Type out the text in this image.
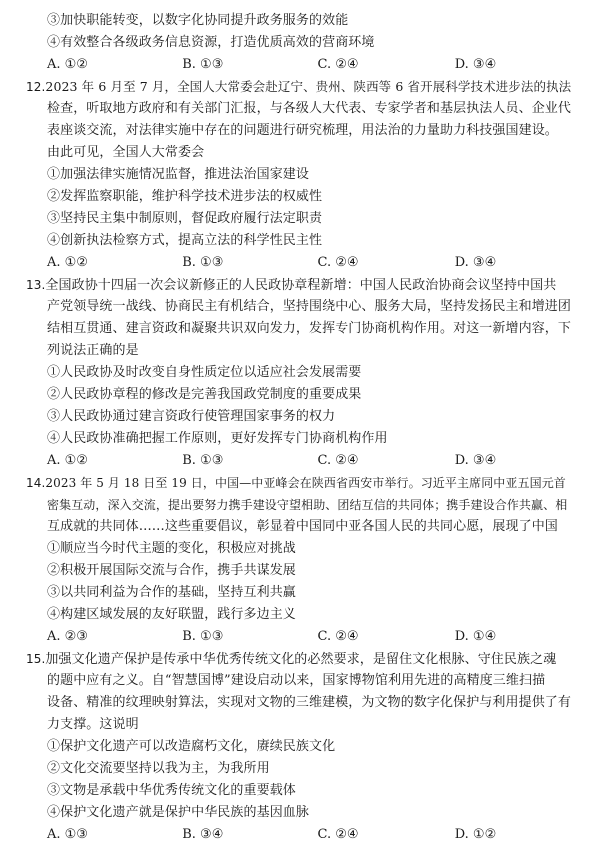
③加快职能转变，以数字化协同提升政务服务的效能
④有效整合各级政务信息资源，打造优质高效的营商环境
A. ①②	B. ①③	C. ②④	D. ③④
12.2023 年 6 月至 7 月，全国人大常委会赴辽宁、贵州、陕西等 6 省开展科学技术进步法的执法
检查，听取地方政府和有关部门汇报，与各级人大代表、专家学者和基层执法人员、企业代
表座谈交流，对法律实施中存在的问题进行研究梳理，用法治的力量助力科技强国建设。
由此可见，全国人大常委会
①加强法律实施情况监督，推进法治国家建设
②发挥监察职能，维护科学技术进步法的权威性
③坚持民主集中制原则，督促政府履行法定职责
④创新执法检察方式，提高立法的科学性民主性
A. ①②	B. ①③	C. ②④	D. ③④
13.全国政协十四届一次会议新修正的人民政协章程新增：中国人民政治协商会议坚持中国共
产党领导统一战线、协商民主有机结合，坚持围绕中心、服务大局，坚持发扬民主和增进团
结相互贯通、建言资政和凝聚共识双向发力，发挥专门协商机构作用。对这一新增内容，下
列说法正确的是
①人民政协及时改变自身性质定位以适应社会发展需要
②人民政协章程的修改是完善我国政党制度的重要成果
③人民政协通过建言资政行使管理国家事务的权力
④人民政协准确把握工作原则，更好发挥专门协商机构作用
A. ①②	B. ①③	C. ②④	D. ③④
14.2023 年 5 月 18 日至 19 日，中国—中亚峰会在陕西省西安市举行。习近平主席同中亚五国元首
密集互动，深入交流，提出要努力携手建设守望相助、团结互信的共同体；携手建设合作共赢、相
互成就的共同体……这些重要倡议，彰显着中国同中亚各国人民的共同心愿，展现了中国
①顺应当今时代主题的变化，积极应对挑战
②积极开展国际交流与合作，携手共谋发展
③以共同利益为合作的基础，坚持互利共赢
④构建区域发展的友好联盟，践行多边主义
A. ②③	B. ①③	C. ②④	D. ①④
15.加强文化遗产保护是传承中华优秀传统文化的必然要求，是留住文化根脉、守住民族之魂
的题中应有之义。自“智慧国博”建设启动以来，国家博物馆利用先进的高精度三维扫描
设备、精准的纹理映射算法，实现对文物的三维建模，为文物的数字化保护与利用提供了有
力支撑。这说明
①保护文化遗产可以改造腐朽文化，赓续民族文化
②文化交流要坚持以我为主，为我所用
③文物是承载中华优秀传统文化的重要载体
④保护文化遗产就是保护中华民族的基因血脉
A. ①③	B. ③④	C. ②④	D. ①②
